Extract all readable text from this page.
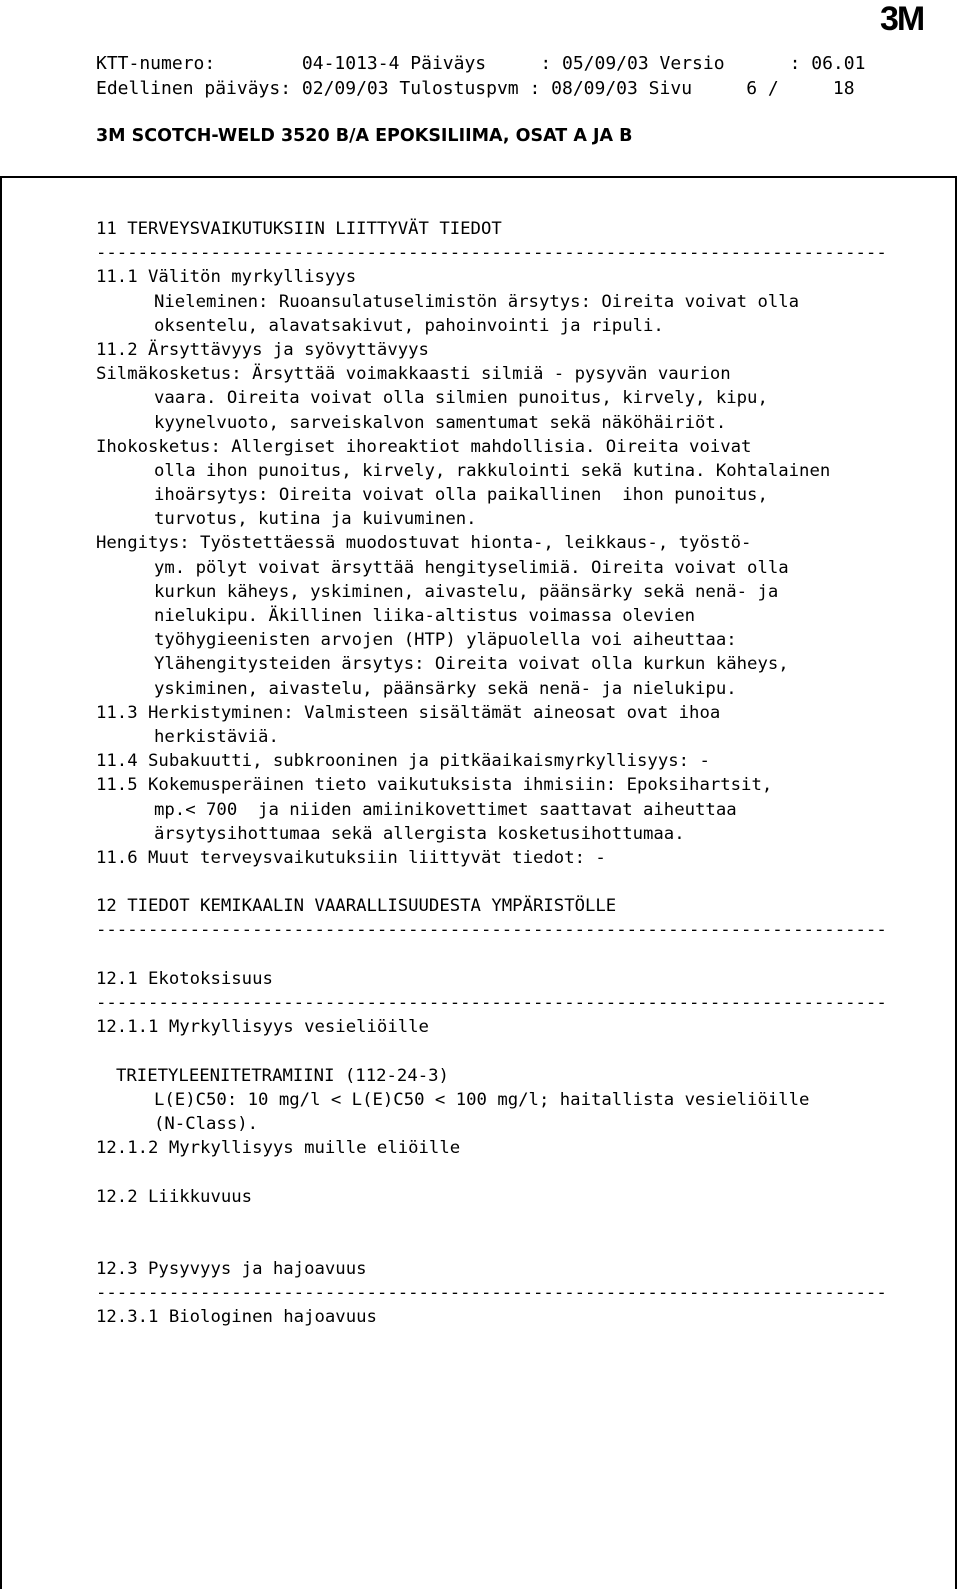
3M

KTT-numero:        04-1013-4 Päiväys     : 05/09/03 Versio      : 06.01

Edellinen päiväys: 02/09/03 Tulostuspvm : 08/09/03 Sivu     6 /     18

3M SCOTCH-WELD 3520 B/A EPOKSILIIMA, OSAT A JA B

11 TERVEYSVAIKUTUKSIIN LIITTYVÄT TIEDOT
----------------------------------------------------------------------------
11.1 Välitön myrkyllisyys
Nieleminen: Ruoansulatuselimistön ärsytys: Oireita voivat olla
oksentelu, alavatsakivut, pahoinvointi ja ripuli.
11.2 Ärsyttävyys ja syövyttävyys
Silmäkosketus: Ärsyttää voimakkaasti silmiä - pysyvän vaurion
vaara. Oireita voivat olla silmien punoitus, kirvely, kipu,
kyynelvuoto, sarveiskalvon samentumat sekä näköhäiriöt.
Ihokosketus: Allergiset ihoreaktiot mahdollisia. Oireita voivat
olla ihon punoitus, kirvely, rakkulointi sekä kutina. Kohtalainen
ihoärsytys: Oireita voivat olla paikallinen  ihon punoitus,
turvotus, kutina ja kuivuminen.
Hengitys: Työstettäessä muodostuvat hionta-, leikkaus-, työstö-
ym. pölyt voivat ärsyttää hengityselimiä. Oireita voivat olla
kurkun käheys, yskiminen, aivastelu, päänsärky sekä nenä- ja
nielukipu. Äkillinen liika-altistus voimassa olevien
työhygieenisten arvojen (HTP) yläpuolella voi aiheuttaa:
Ylähengitysteiden ärsytys: Oireita voivat olla kurkun käheys,
yskiminen, aivastelu, päänsärky sekä nenä- ja nielukipu.
11.3 Herkistyminen: Valmisteen sisältämät aineosat ovat ihoa
herkistäviä.
11.4 Subakuutti, subkrooninen ja pitkäaikaismyrkyllisyys: -
11.5 Kokemusperäinen tieto vaikutuksista ihmisiin: Epoksihartsit,
mp.< 700  ja niiden amiinikovettimet saattavat aiheuttaa
ärsytysihottumaa sekä allergista kosketusihottumaa.
11.6 Muut terveysvaikutuksiin liittyvät tiedot: -
12 TIEDOT KEMIKAALIN VAARALLISUUDESTA YMPÄRISTÖLLE
----------------------------------------------------------------------------
12.1 Ekotoksisuus
----------------------------------------------------------------------------
12.1.1 Myrkyllisyys vesieliöille
TRIETYLEENITETRAMIINI (112-24-3)
L(E)C50: 10 mg/l < L(E)C50 < 100 mg/l; haitallista vesieliöille
(N-Class).
12.1.2 Myrkyllisyys muille eliöille
12.2 Liikkuvuus
12.3 Pysyvyys ja hajoavuus
----------------------------------------------------------------------------
12.3.1 Biologinen hajoavuus
